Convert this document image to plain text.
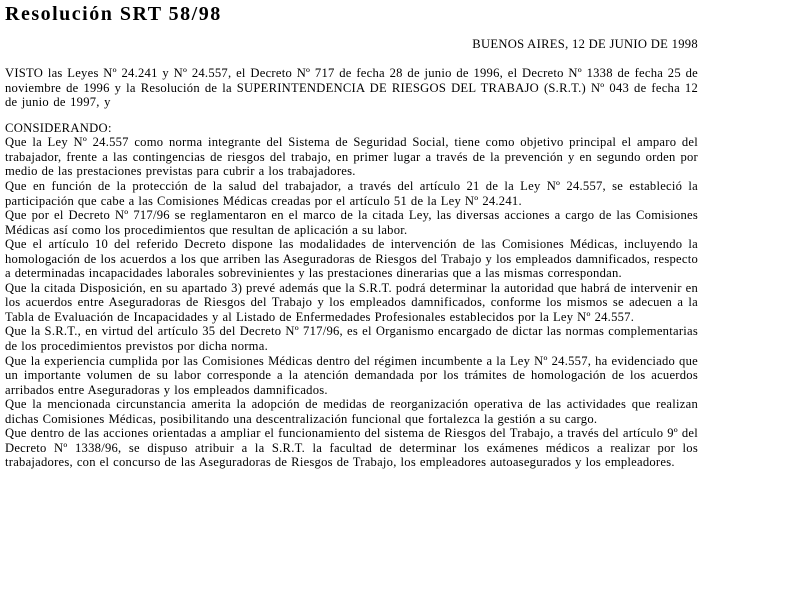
Resolución SRT 58/98
BUENOS AIRES, 12 DE JUNIO DE 1998
VISTO las Leyes Nº 24.241 y Nº 24.557, el Decreto Nº 717 de fecha 28 de junio de 1996, el Decreto Nº 1338 de fecha 25 de noviembre de 1996 y la Resolución de la SUPERINTENDENCIA DE RIESGOS DEL TRABAJO (S.R.T.) Nº 043 de fecha 12 de junio de 1997, y
CONSIDERANDO:
Que la Ley Nº 24.557 como norma integrante del Sistema de Seguridad Social, tiene como objetivo principal el amparo del trabajador, frente a las contingencias de riesgos del trabajo, en primer lugar a través de la prevención y en segundo orden por medio de las prestaciones previstas para cubrir a los trabajadores.
Que en función de la protección de la salud del trabajador, a través del artículo 21 de la Ley Nº 24.557, se estableció la participación que cabe a las Comisiones Médicas creadas por el artículo 51 de la Ley Nº 24.241.
Que por el Decreto Nº 717/96 se reglamentaron en el marco de la citada Ley, las diversas acciones a cargo de las Comisiones Médicas así como los procedimientos que resultan de aplicación a su labor.
Que el artículo 10 del referido Decreto dispone las modalidades de intervención de las Comisiones Médicas, incluyendo la homologación de los acuerdos a los que arriben las Aseguradoras de Riesgos del Trabajo y los empleados damnificados, respecto a determinadas incapacidades laborales sobrevinientes y las prestaciones dinerarias que a las mismas correspondan.
Que la citada Disposición, en su apartado 3) prevé además que la S.R.T. podrá determinar la autoridad que habrá de intervenir en los acuerdos entre Aseguradoras de Riesgos del Trabajo y los empleados damnificados, conforme los mismos se adecuen a la Tabla de Evaluación de Incapacidades y al Listado de Enfermedades Profesionales establecidos por la Ley Nº 24.557.
Que la S.R.T., en virtud del artículo 35 del Decreto Nº 717/96, es el Organismo encargado de dictar las normas complementarias de los procedimientos previstos por dicha norma.
Que la experiencia cumplida por las Comisiones Médicas dentro del régimen incumbente a la Ley Nº 24.557, ha evidenciado que un importante volumen de su labor corresponde a la atención demandada por los trámites de homologación de los acuerdos arribados entre Aseguradoras y los empleados damnificados.
Que la mencionada circunstancia amerita la adopción de medidas de reorganización operativa de las actividades que realizan dichas Comisiones Médicas, posibilitando una descentralización funcional que fortalezca la gestión a su cargo.
Que dentro de las acciones orientadas a ampliar el funcionamiento del sistema de Riesgos del Trabajo, a través del artículo 9º del Decreto Nº 1338/96, se dispuso atribuir a la S.R.T. la facultad de determinar los exámenes médicos a realizar por los trabajadores, con el concurso de las Aseguradoras de Riesgos de Trabajo, los empleadores autoasegurados y los empleadores.
